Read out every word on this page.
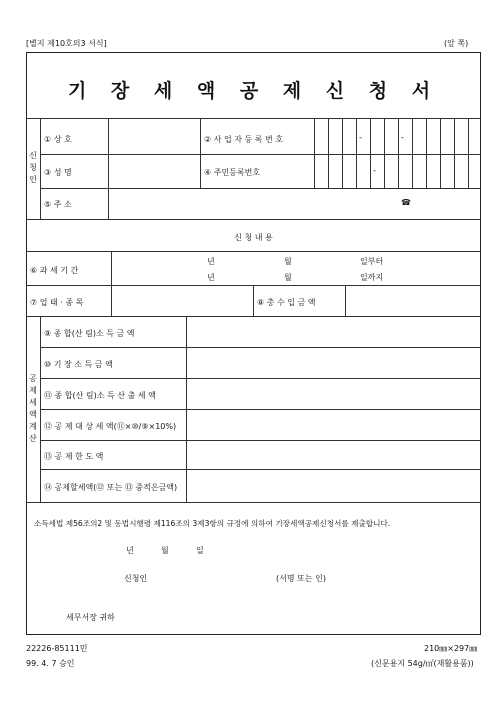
[별지 제10호의3 서식]	(앞 쪽)
기 장 세 액 공 제 신 청 서
신
청
인
① 상 호	② 사 업 자 등 록 번 호	-	-
③ 성 명	④ 주민등록번호	-
⑤ 주 소	☎
신 청 내 용
⑥ 과 세 기 간
년	월	일부터
년	월	일까지
⑦ 업 태 · 종 목	⑧ 총 수 입 금 액
공
제
세
액
계
산
⑨ 종 합(산 림)소 득 금 액
⑩ 기 장 소 득 금 액
⑪ 종 합(산 림)소 득 산 출 세 액
⑫ 공 제 대 상 세 액(⑪×⑩/⑨×10%)
⑬ 공 제 한 도 액
⑭ 공제할세액(⑫ 또는 ⑬ 중적은금액)
소득세법 제56조의2 및 동법시행령 제116조의 3제3항의 규정에 의하여 기장세액공제신청서를 제출합니다.
년	월	일
신청인	(서명 또는 인)
세무서장 귀하
22226-85111민
99. 4. 7 승인
210㎜×297㎜
(신문용지 54g/㎡(재활용품))
